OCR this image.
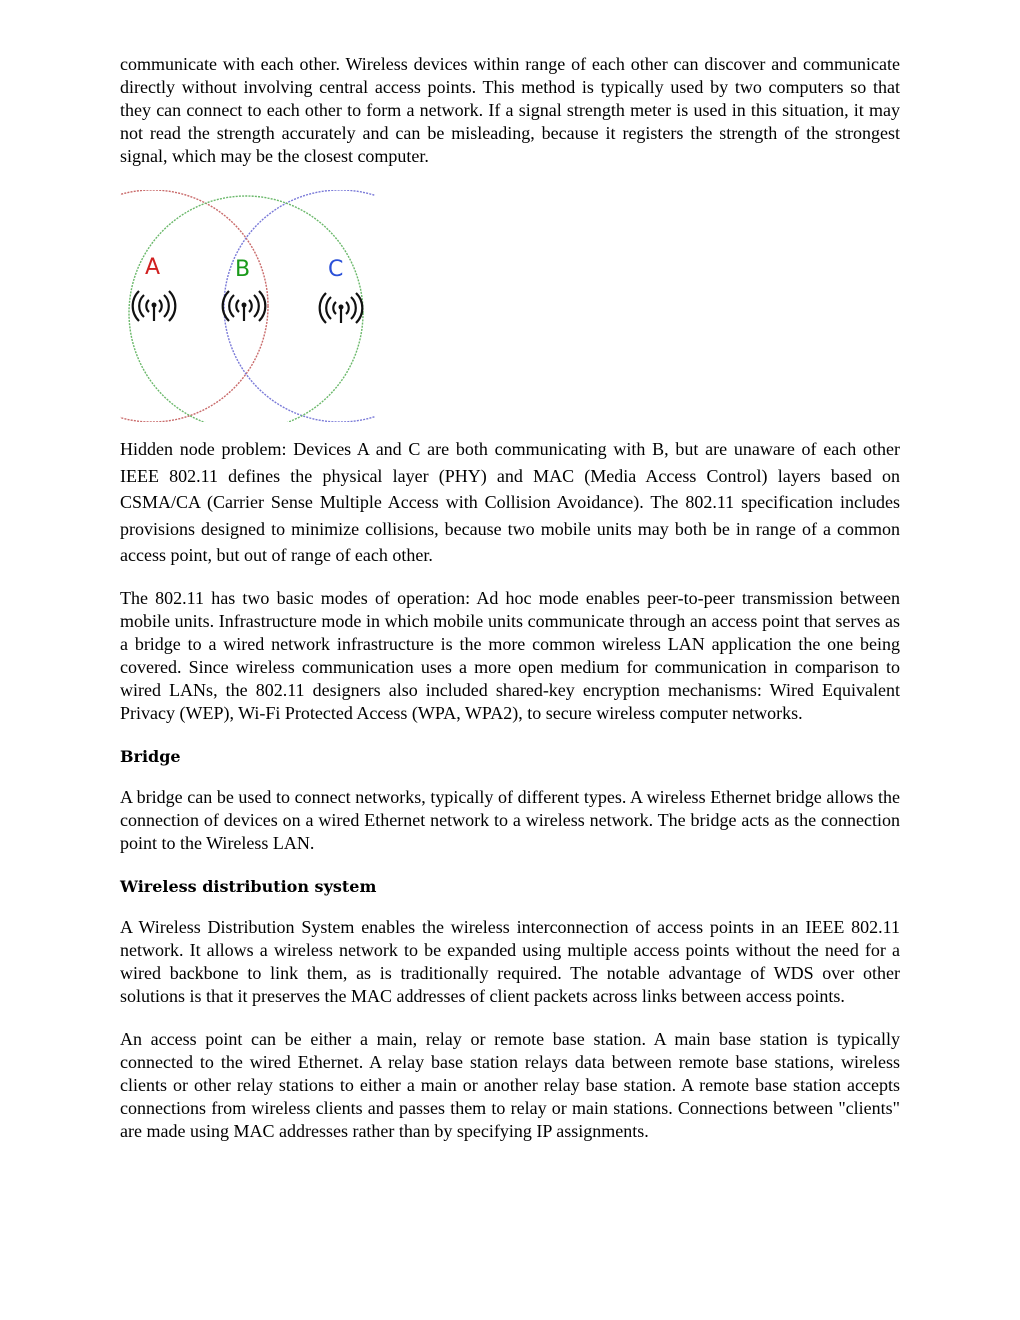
communicate with each other. Wireless devices within range of each other can discover and communicate directly without involving central access points. This method is typically used by two computers so that they can connect to each other to form a network. If a signal strength meter is used in this situation, it may not read the strength accurately and can be misleading, because it registers the strength of the strongest signal, which may be the closest computer.

A	B	C

Hidden node problem: Devices A and C are both communicating with B, but are unaware of each other IEEE 802.11 defines the physical layer (PHY) and MAC (Media Access Control) layers based on CSMA/CA (Carrier Sense Multiple Access with Collision Avoidance). The 802.11 specification includes provisions designed to minimize collisions, because two mobile units may both be in range of a common access point, but out of range of each other.

The 802.11 has two basic modes of operation: Ad hoc mode enables peer-to-peer transmission between mobile units. Infrastructure mode in which mobile units communicate through an access point that serves as a bridge to a wired network infrastructure is the more common wireless LAN application the one being covered. Since wireless communication uses a more open medium for communication in comparison to wired LANs, the 802.11 designers also included shared-key encryption mechanisms: Wired Equivalent Privacy (WEP), Wi-Fi Protected Access (WPA, WPA2), to secure wireless computer networks.

Bridge

A bridge can be used to connect networks, typically of different types. A wireless Ethernet bridge allows the connection of devices on a wired Ethernet network to a wireless network. The bridge acts as the connection point to the Wireless LAN.

Wireless distribution system

A Wireless Distribution System enables the wireless interconnection of access points in an IEEE 802.11 network. It allows a wireless network to be expanded using multiple access points without the need for a wired backbone to link them, as is traditionally required. The notable advantage of WDS over other solutions is that it preserves the MAC addresses of client packets across links between access points.

An access point can be either a main, relay or remote base station. A main base station is typically connected to the wired Ethernet. A relay base station relays data between remote base stations, wireless clients or other relay stations to either a main or another relay base station. A remote base station accepts connections from wireless clients and passes them to relay or main stations. Connections between "clients" are made using MAC addresses rather than by specifying IP assignments.
